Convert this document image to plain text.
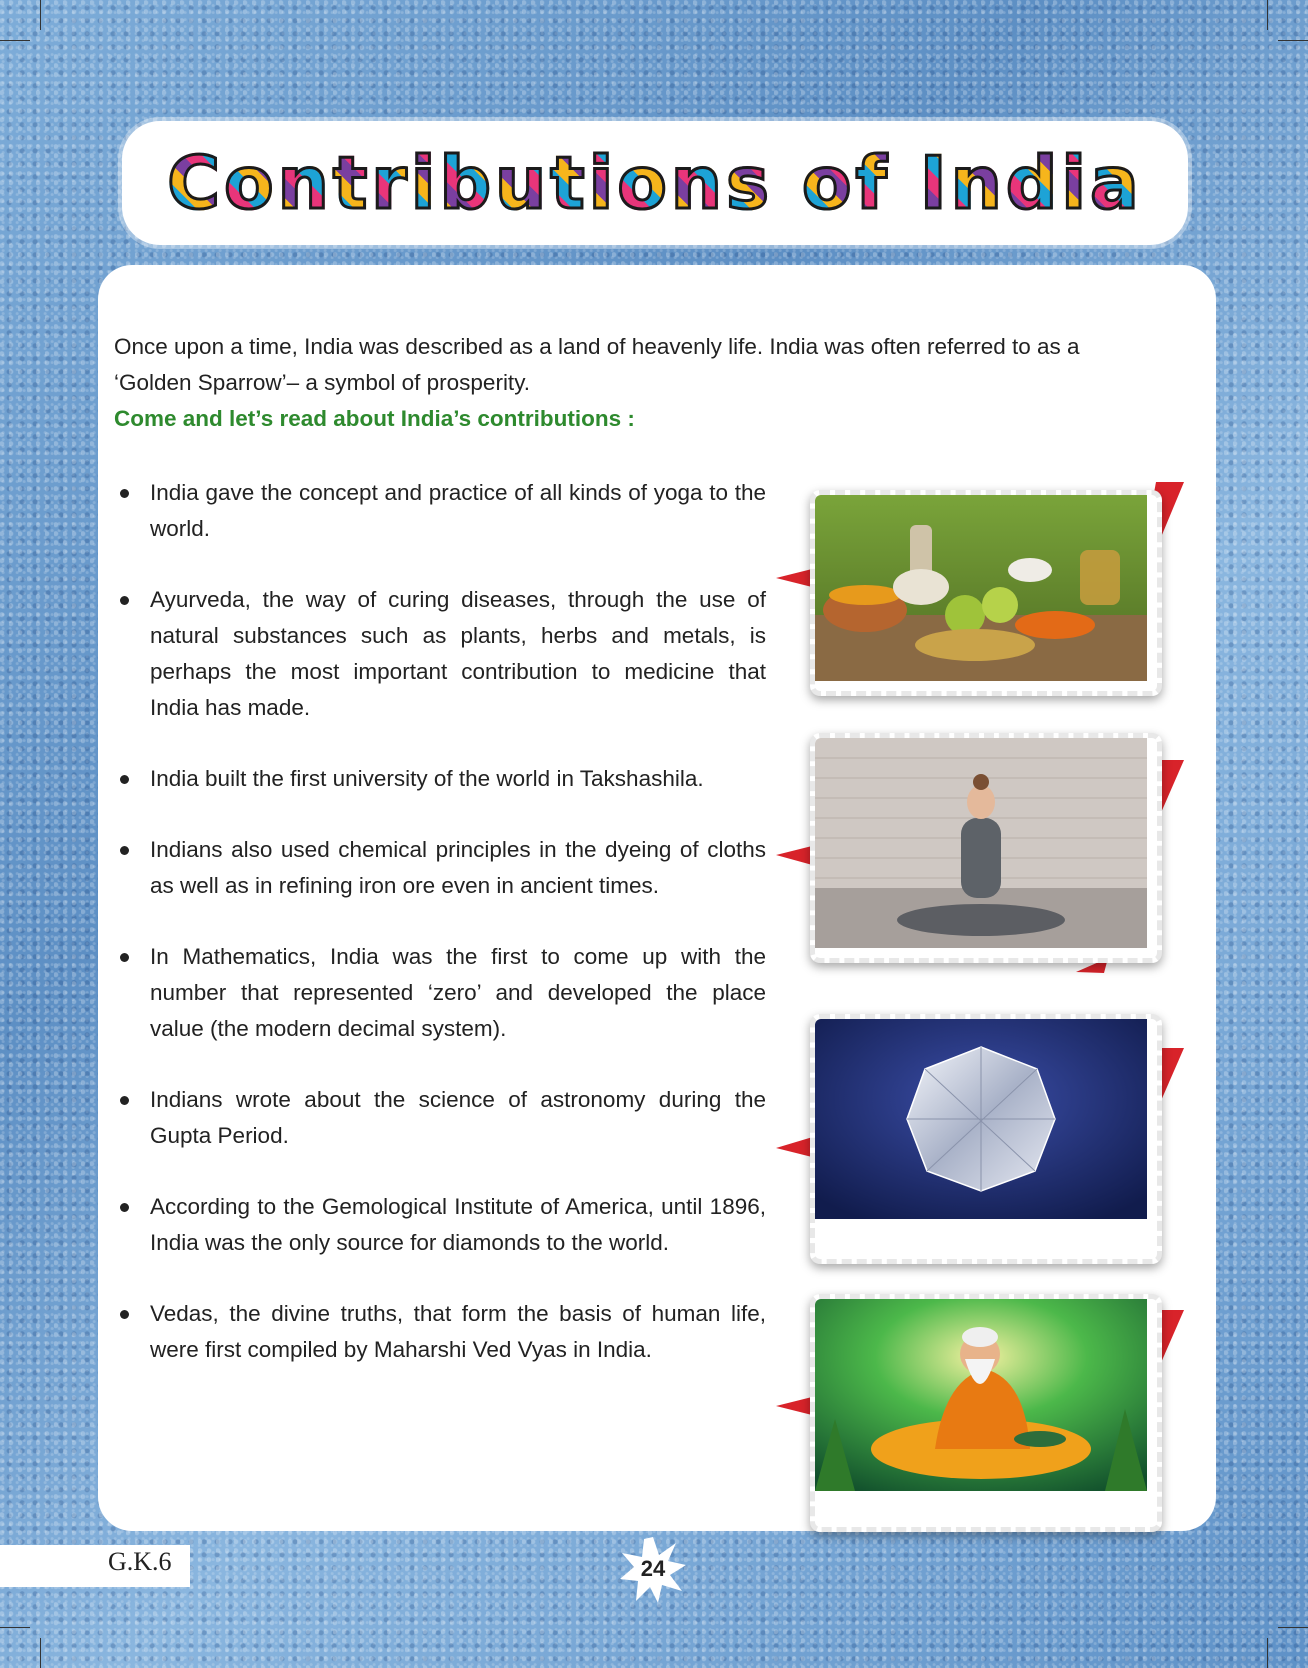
Contributions of India
Once upon a time, India was described as a land of heavenly life. India was often referred to as a
‘Golden Sparrow’– a symbol of prosperity.
Come and let’s read about India’s contributions :
India gave the concept and practice of all kinds of yoga to the world.
Ayurveda, the way of curing diseases, through the use of natural substances such as plants, herbs and metals, is perhaps the most important contribution to medicine that India has made.
India built the first university of the world in Takshashila.
Indians also used chemical principles in the dyeing of cloths as well as in refining iron ore even in ancient times.
In Mathematics, India was the first to come up with the number that represented ‘zero’ and developed the place value (the modern decimal system).
Indians wrote about the science of astronomy during the Gupta Period.
According to the Gemological Institute of America, until 1896, India was the only source for diamonds to the world.
Vedas, the divine truths, that form the basis of human life, were first compiled by Maharshi Ved Vyas in India.
G.K.6	24
